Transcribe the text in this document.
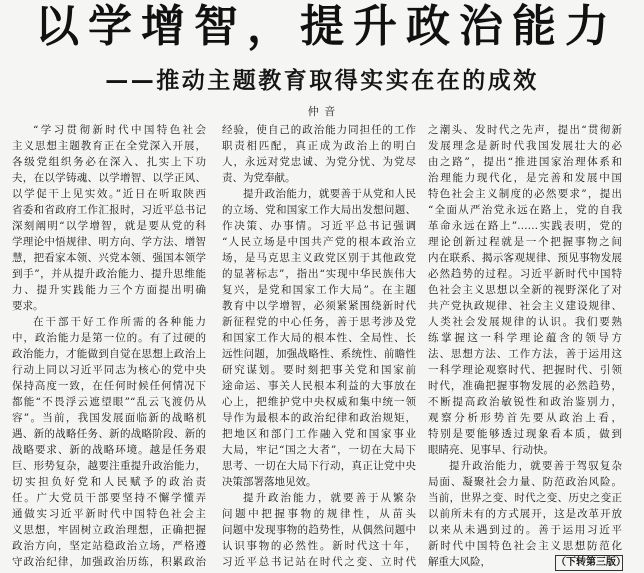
以学增智，提升政治能力
——推动主题教育取得实实在在的成效
仲 音
“学习贯彻新时代中国特色社会
主义思想主题教育正在全党深入开展，
各级党组织务必在深入、扎实上下功
夫，在以学铸魂、以学增智、以学正风、
以学促干上见实效。”近日在听取陕西
省委和省政府工作汇报时，习近平总书记
深刻阐明“以学增智，就是要从党的科
学理论中悟规律、明方向、学方法、增智
慧，把看家本领、兴党本领、强国本领学
到手”，并从提升政治能力、提升思维能
力、提升实践能力三个方面提出明确
要求。
在干部干好工作所需的各种能力
中，政治能力是第一位的。有了过硬的
政治能力，才能做到自觉在思想上政治上
行动上同以习近平同志为核心的党中央
保持高度一致，在任何时候任何情况下
都能“不畏浮云遮望眼”“乱云飞渡仍从
容”。当前，我国发展面临新的战略机
遇、新的战略任务、新的战略阶段、新的
战略要求、新的战略环境。越是任务艰
巨、形势复杂，越要注重提升政治能力，
切实担负好党和人民赋予的政治责
任。广大党员干部要坚持不懈学懂弄
通做实习近平新时代中国特色社会主
义思想，牢固树立政治理想，正确把握
政治方向，坚定站稳政治立场，严格遵
守政治纪律，加强政治历练，积累政治
经验，使自己的政治能力同担任的工作
职责相匹配，真正成为政治上的明白
人，永远对党忠诚、为党分忧、为党尽
责、为党奉献。
提升政治能力，就要善于从党和人民
的立场、党和国家工作大局出发想问题、
作决策、办事情。习近平总书记强调
“人民立场是中国共产党的根本政治立
场，是马克思主义政党区别于其他政党
的显著标志”，指出“实现中华民族伟大
复兴，是党和国家工作大局”。在主题
教育中以学增智，必须紧紧围绕新时代
新征程党的中心任务，善于思考涉及党
和国家工作大局的根本性、全局性、长
远性问题，加强战略性、系统性、前瞻性
研究谋划。要时刻把事关党和国家前
途命运、事关人民根本利益的大事放在
心上，把维护党中央权威和集中统一领
导作为最根本的政治纪律和政治规矩，
把地区和部门工作融入党和国家事业
大局，牢记“国之大者”，一切在大局下
思考、一切在大局下行动，真正让党中央
决策部署落地见效。
提升政治能力，就要善于从繁杂
问题中把握事物的规律性，从苗头
问题中发现事物的趋势性，从偶然问题中
认识事物的必然性。新时代这十年，
习近平总书记站在时代之变、立时代
之潮头、发时代之先声，提出“贯彻新
发展理念是新时代我国发展壮大的必
由之路”，提出“推进国家治理体系和
治理能力现代化，是完善和发展中国
特色社会主义制度的必然要求”，提出
“全面从严治党永远在路上，党的自我
革命永远在路上”……实践表明，党的
理论创新过程就是一个把握事物之间
内在联系、揭示客观规律、预见事物发展
必然趋势的过程。习近平新时代中国特
色社会主义思想以全新的视野深化了对
共产党执政规律、社会主义建设规律、
人类社会发展规律的认识。我们要熟
练掌握这一科学理论蕴含的领导方
法、思想方法、工作方法，善于运用这
一科学理论观察时代、把握时代、引领
时代，准确把握事物发展的必然趋势，
不断提高政治敏锐性和政治鉴别力，
观察分析形势首先要从政治上看，
特别是要能够透过现象看本质，做到
眼睛亮、见事早、行动快。
提升政治能力，就要善于驾驭复杂
局面、凝聚社会力量、防范政治风险。
当前，世界之变、时代之变、历史之变正
以前所未有的方式展开，这是改革开放
以来从未遇到过的。善于运用习近平
新时代中国特色社会主义思想防范化
解重大风险，	（下转第三版）
